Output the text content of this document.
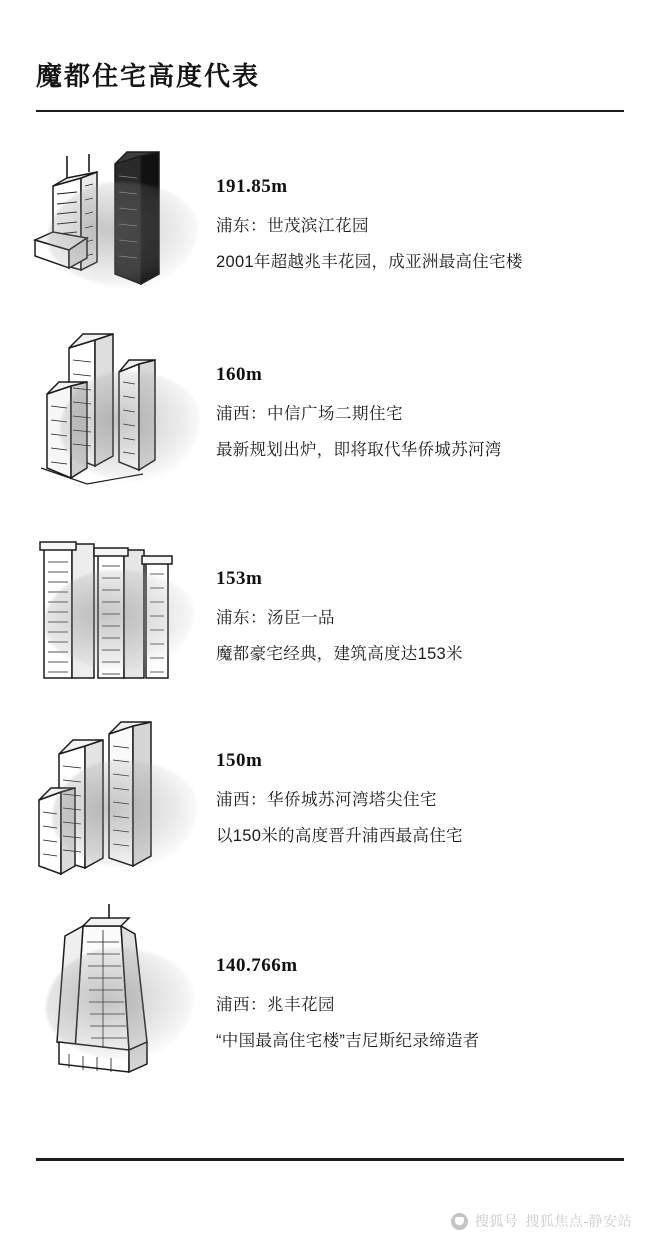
魔都住宅高度代表
191.85m
浦东：世茂滨江花园
2001年超越兆丰花园，成亚洲最高住宅楼
160m
浦西：中信广场二期住宅
最新规划出炉，即将取代华侨城苏河湾
153m
浦东：汤臣一品
魔都豪宅经典，建筑高度达153米
150m
浦西：华侨城苏河湾塔尖住宅
以150米的高度晋升浦西最高住宅
140.766m
浦西：兆丰花园
“中国最高住宅楼”吉尼斯纪录缔造者
搜狐号 搜狐焦点-静安站
